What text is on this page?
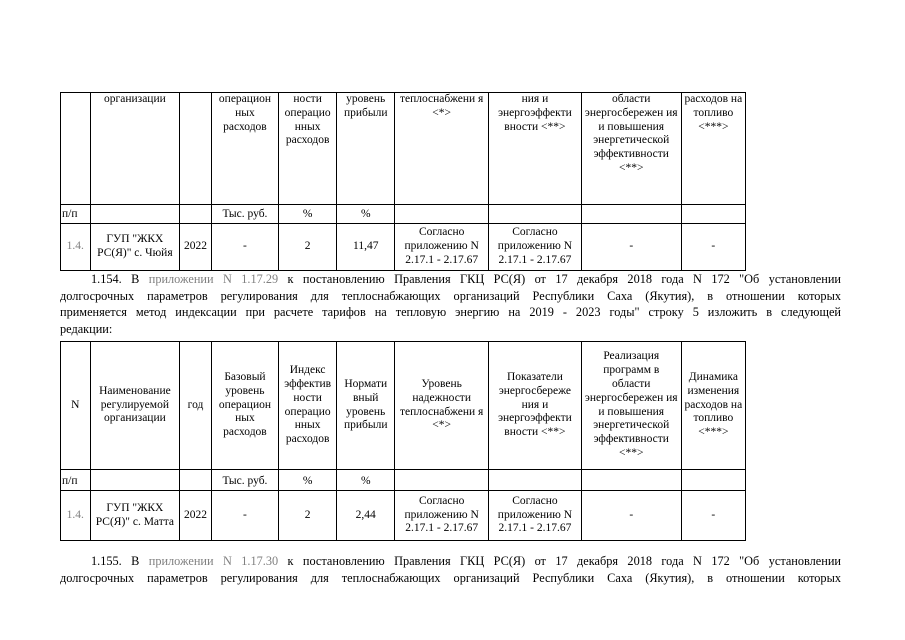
	организации		операцион ных расходов	ности операцио нных расходов	уровень прибыли	теплоснабжени я <*>	ния и энергоэффекти вности <**>	области энергосбережен ия и повышения энергетической эффективности <**>	расходов на топливо <***>
п/п			Тыс. руб.	%	%				
1.4.	ГУП "ЖКХ РС(Я)" с. Чюйя	2022	-	2	11,47	Согласно приложению N 2.17.1 - 2.17.67	Согласно приложению N 2.17.1 - 2.17.67	-	-
1.154. В приложении N 1.17.29 к постановлению Правления ГКЦ РС(Я) от 17 декабря 2018 года N 172 "Об установлении
долгосрочных параметров регулирования для теплоснабжающих организаций Республики Саха (Якутия), в отношении которых
применяется метод индексации при расчете тарифов на тепловую энергию на 2019 - 2023 годы" строку 5 изложить в следующей
редакции:
N	Наименование регулируемой организации	год	Базовый уровень операцион ных расходов	Индекс эффектив ности операцио нных расходов	Нормати вный уровень прибыли	Уровень надежности теплоснабжени я <*>	Показатели энергосбереже ния и энергоэффекти вности <**>	Реализация программ в области энергосбережен ия и повышения энергетической эффективности <**>	Динамика изменения расходов на топливо <***>
п/п			Тыс. руб.	%	%				
1.4.	ГУП "ЖКХ РС(Я)" с. Матта	2022	-	2	2,44	Согласно приложению N 2.17.1 - 2.17.67	Согласно приложению N 2.17.1 - 2.17.67	-	-
1.155. В приложении N 1.17.30 к постановлению Правления ГКЦ РС(Я) от 17 декабря 2018 года N 172 "Об установлении
долгосрочных параметров регулирования для теплоснабжающих организаций Республики Саха (Якутия), в отношении которых
